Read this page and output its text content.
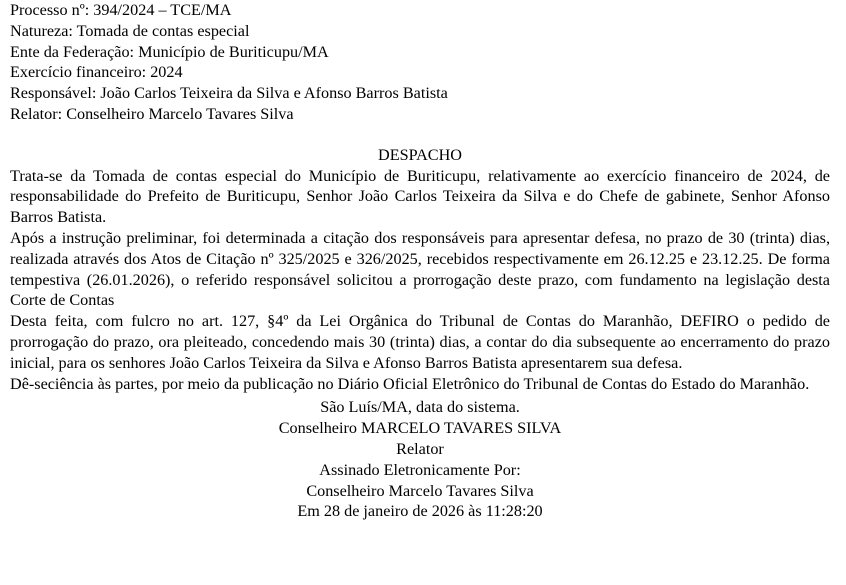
Processo nº: 394/2024 – TCE/MA
Natureza: Tomada de contas especial
Ente da Federação: Município de Buriticupu/MA
Exercício financeiro: 2024
Responsável: João Carlos Teixeira da Silva e Afonso Barros Batista
Relator: Conselheiro Marcelo Tavares Silva
DESPACHO

Trata-se da Tomada de contas especial do Município de Buriticupu, relativamente ao exercício financeiro de 2024, de responsabilidade do Prefeito de Buriticupu, Senhor João Carlos Teixeira da Silva e do Chefe de gabinete, Senhor Afonso Barros Batista.

Após a instrução preliminar, foi determinada a citação dos responsáveis para apresentar defesa, no prazo de 30 (trinta) dias, realizada através dos Atos de Citação nº 325/2025 e 326/2025, recebidos respectivamente em 26.12.25 e 23.12.25. De forma tempestiva (26.01.2026), o referido responsável solicitou a prorrogação deste prazo, com fundamento na legislação desta Corte de Contas

Desta feita, com fulcro no art. 127, §4º da Lei Orgânica do Tribunal de Contas do Maranhão, DEFIRO o pedido de prorrogação do prazo, ora pleiteado, concedendo mais 30 (trinta) dias, a contar do dia subsequente ao encerramento do prazo inicial, para os senhores João Carlos Teixeira da Silva e Afonso Barros Batista apresentarem sua defesa.

Dê-seciência às partes, por meio da publicação no Diário Oficial Eletrônico do Tribunal de Contas do Estado do Maranhão.

São Luís/MA, data do sistema.
Conselheiro MARCELO TAVARES SILVA
Relator
Assinado Eletronicamente Por:
Conselheiro Marcelo Tavares Silva
Em 28 de janeiro de 2026 às 11:28:20
